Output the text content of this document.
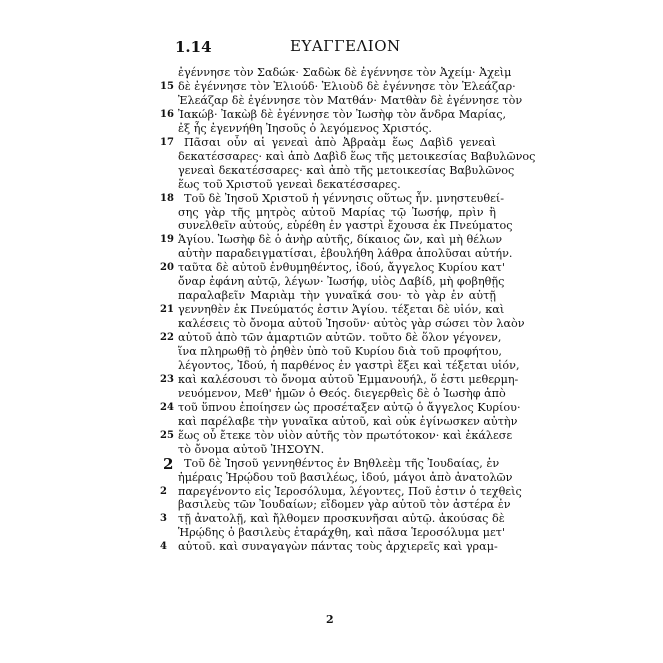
1.14	ΕΥΑΓΓΕΛΙΟΝ
ἐγέννησε τὸν Σαδώκ· Σαδὼκ δὲ ἐγέννησε τὸν Ἀχείμ· Ἀχεὶμ
15 δὲ ἐγέννησε τὸν Ἐλιούδ· Ἐλιοὺδ δὲ ἐγέννησε τὸν Ἐλεάζαρ·
Ἐλεάζαρ δὲ ἐγέννησε τὸν Ματθάν· Ματθὰν δὲ ἐγέννησε τὸν
16 Ἰακώβ· Ἰακὼβ δὲ ἐγέννησε τὸν Ἰωσὴφ τὸν ἄνδρα Μαρίας,
ἐξ ἧς ἐγεννήθη Ἰησοῦς ὁ λεγόμενος Χριστός.
17 Πᾶσαι οὖν αἱ γενεαὶ ἀπὸ Ἀβραὰμ ἕως Δαβὶδ γενεαὶ
δεκατέσσαρες· καὶ ἀπὸ Δαβὶδ ἕως τῆς μετοικεσίας Βαβυλῶνος
γενεαὶ δεκατέσσαρες· καὶ ἀπὸ τῆς μετοικεσίας Βαβυλῶνος
ἕως τοῦ Χριστοῦ γενεαὶ δεκατέσσαρες.
18 Τοῦ δὲ Ἰησοῦ Χριστοῦ ἡ γέννησις οὕτως ἦν. μνηστευθεί-
σης γὰρ τῆς μητρὸς αὐτοῦ Μαρίας τῷ Ἰωσήφ, πρὶν ἢ
συνελθεῖν αὐτούς, εὑρέθη ἐν γαστρὶ ἔχουσα ἐκ Πνεύματος
19 Ἁγίου. Ἰωσὴφ δὲ ὁ ἀνὴρ αὐτῆς, δίκαιος ὤν, καὶ μὴ θέλων
αὐτὴν παραδειγματίσαι, ἐβουλήθη λάθρα ἀπολῦσαι αὐτήν.
20 ταῦτα δὲ αὐτοῦ ἐνθυμηθέντος, ἰδού, ἄγγελος Κυρίου κατ'
ὄναρ ἐφάνη αὐτῷ, λέγων· Ἰωσήφ, υἱὸς Δαβίδ, μὴ φοβηθῇς
παραλαβεῖν Μαριὰμ τὴν γυναῖκά σου· τὸ γὰρ ἐν αὐτῇ
21 γεννηθὲν ἐκ Πνεύματός ἐστιν Ἁγίου. τέξεται δὲ υἱόν, καὶ
καλέσεις τὸ ὄνομα αὐτοῦ Ἰησοῦν· αὐτὸς γὰρ σώσει τὸν λαὸν
22 αὐτοῦ ἀπὸ τῶν ἁμαρτιῶν αὐτῶν. τοῦτο δὲ ὅλον γέγονεν,
ἵνα πληρωθῇ τὸ ῥηθὲν ὑπὸ τοῦ Κυρίου διὰ τοῦ προφήτου,
λέγοντος, Ἰδού, ἡ παρθένος ἐν γαστρὶ ἕξει καὶ τέξεται υἱόν,
23 καὶ καλέσουσι τὸ ὄνομα αὐτοῦ Ἐμμανουήλ, ὅ ἐστι μεθερμη-
νευόμενον, Μεθ' ἡμῶν ὁ Θεός. διεγερθεὶς δὲ ὁ Ἰωσὴφ ἀπὸ
24 τοῦ ὕπνου ἐποίησεν ὡς προσέταξεν αὐτῷ ὁ ἄγγελος Κυρίου·
καὶ παρέλαβε τὴν γυναῖκα αὐτοῦ, καὶ οὐκ ἐγίνωσκεν αὐτὴν
25 ἕως οὗ ἔτεκε τὸν υἱὸν αὐτῆς τὸν πρωτότοκον· καὶ ἐκάλεσε
τὸ ὄνομα αὐτοῦ ἸΗΣΟΥΝ.
2 Τοῦ δὲ Ἰησοῦ γεννηθέντος ἐν Βηθλεὲμ τῆς Ἰουδαίας, ἐν
ἡμέραις Ἡρῴδου τοῦ βασιλέως, ἰδού, μάγοι ἀπὸ ἀνατολῶν
2 παρεγένοντο εἰς Ἱεροσόλυμα, λέγοντες, Ποῦ ἐστιν ὁ τεχθεὶς
βασιλεὺς τῶν Ἰουδαίων; εἴδομεν γὰρ αὐτοῦ τὸν ἀστέρα ἐν
3 τῇ ἀνατολῇ, καὶ ἤλθομεν προσκυνῆσαι αὐτῷ. ἀκούσας δὲ
Ἡρῴδης ὁ βασιλεὺς ἐταράχθη, καὶ πᾶσα Ἱεροσόλυμα μετ'
4 αὐτοῦ. καὶ συναγαγὼν πάντας τοὺς ἀρχιερεῖς καὶ γραμ-
2
